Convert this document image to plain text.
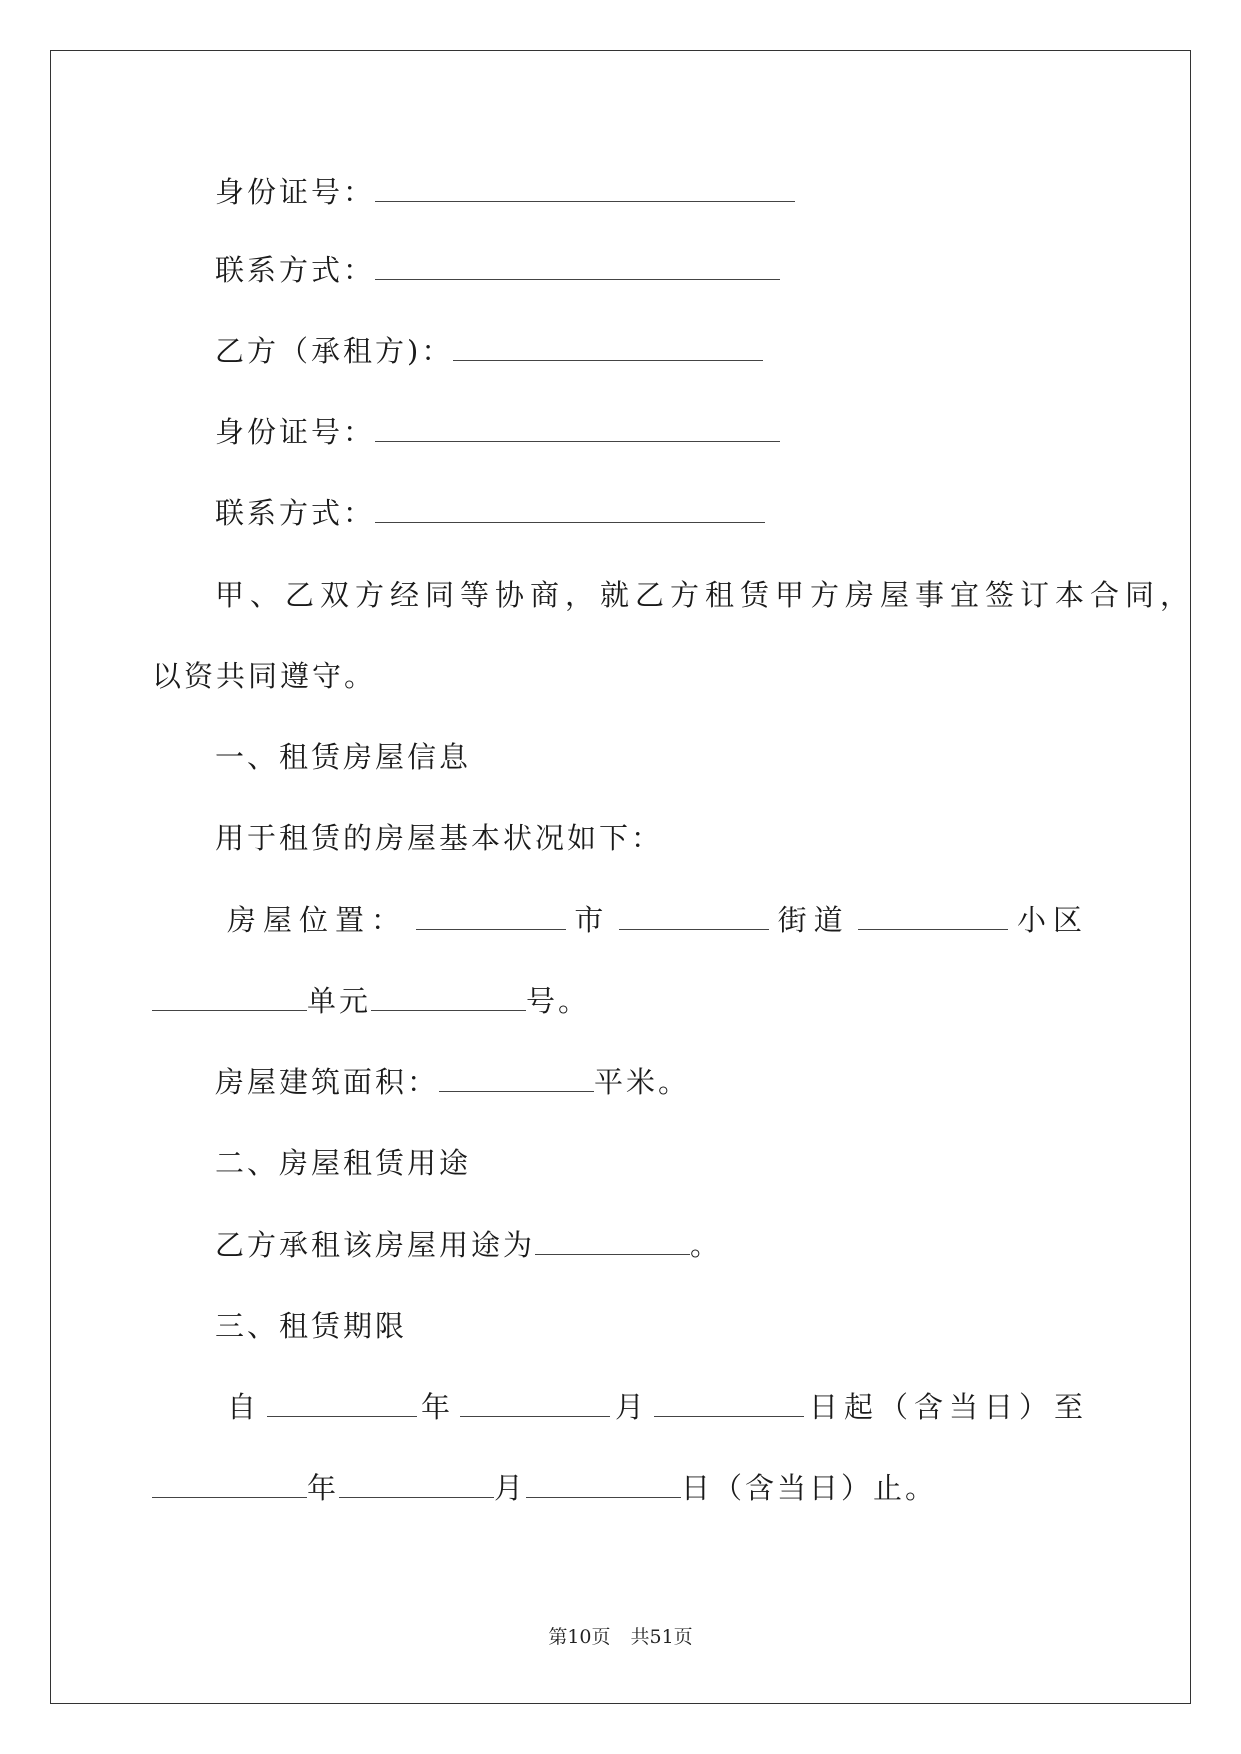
身份证号：
联系方式：
乙方（承租方)：
身份证号：
联系方式：
甲、乙双方经同等协商，就乙方租赁甲方房屋事宜签订本合同，
以资共同遵守。
一、租赁房屋信息
用于租赁的房屋基本状况如下：
房屋位置：	市	街道	小区
单元	号。
房屋建筑面积：	平米。
二、房屋租赁用途
乙方承租该房屋用途为	。
三、租赁期限
自	年	月	日起（含当日）至
年	月	日（含当日）止。
第10页 共51页
